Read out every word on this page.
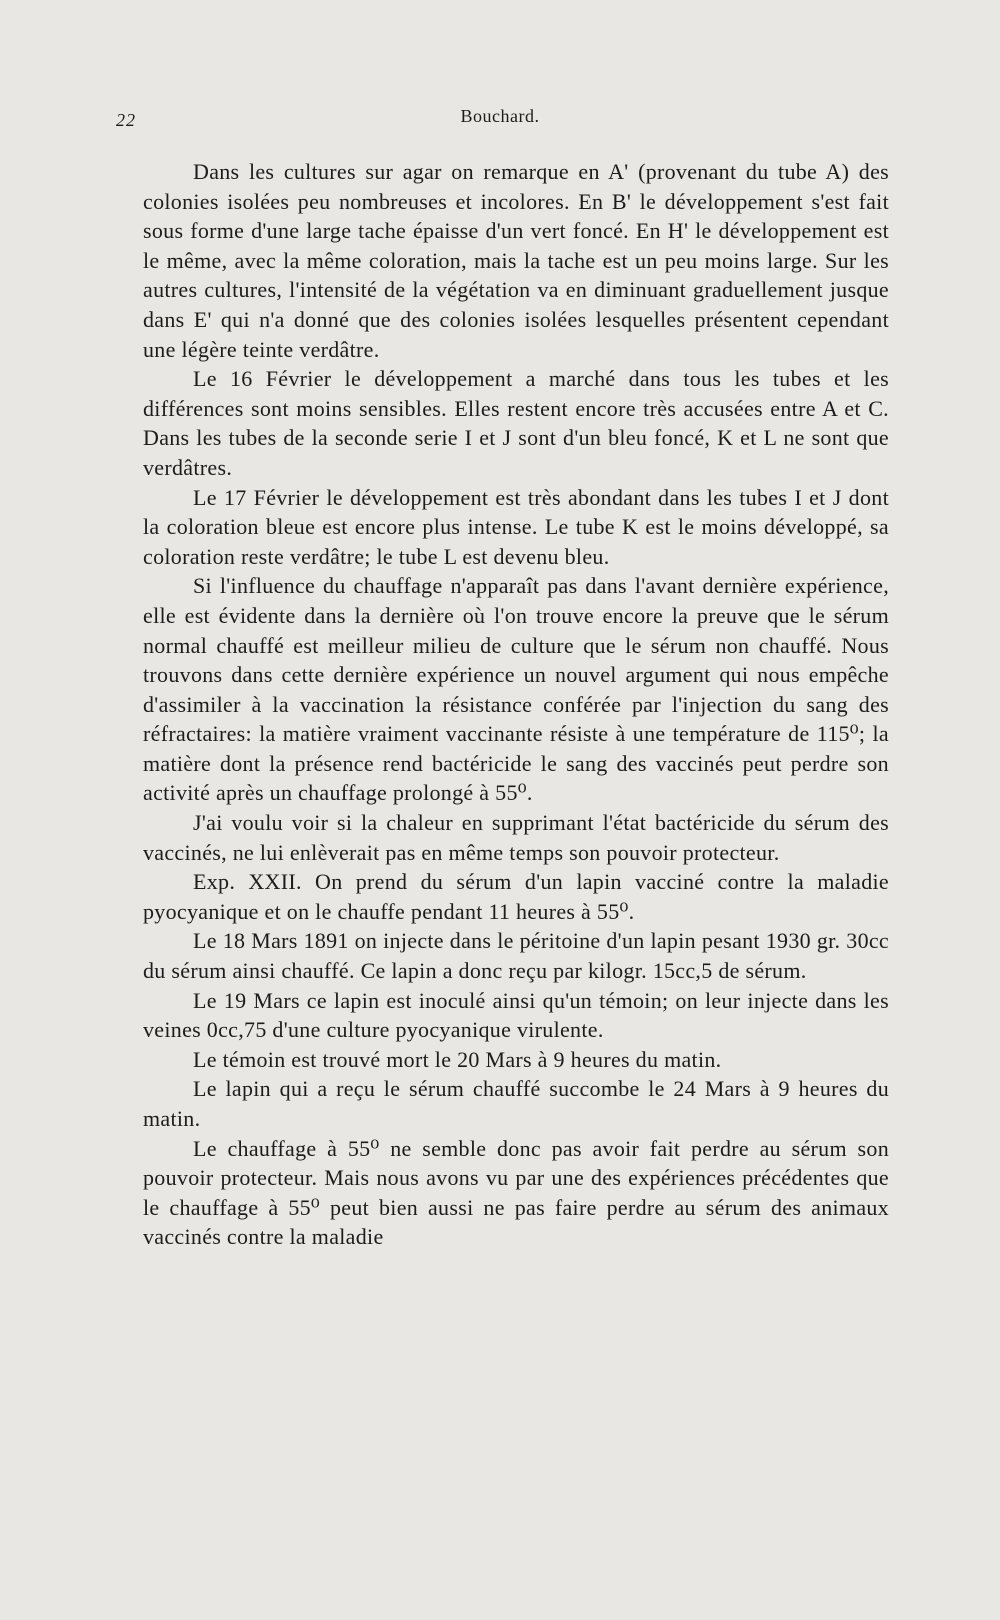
22	Bouchard.

Dans les cultures sur agar on remarque en A' (provenant du tube A) des colonies isolées peu nombreuses et incolores. En B' le développement s'est fait sous forme d'une large tache épaisse d'un vert foncé. En H' le développement est le même, avec la même coloration, mais la tache est un peu moins large. Sur les autres cultures, l'intensité de la végétation va en diminuant graduellement jusque dans E' qui n'a donné que des colonies isolées lesquelles présentent cependant une légère teinte verdâtre.

Le 16 Février le développement a marché dans tous les tubes et les différences sont moins sensibles. Elles restent encore très accusées entre A et C. Dans les tubes de la seconde serie I et J sont d'un bleu foncé, K et L ne sont que verdâtres.

Le 17 Février le développement est très abondant dans les tubes I et J dont la coloration bleue est encore plus intense. Le tube K est le moins développé, sa coloration reste verdâtre; le tube L est devenu bleu.

Si l'influence du chauffage n'apparaît pas dans l'avant dernière expérience, elle est évidente dans la dernière où l'on trouve encore la preuve que le sérum normal chauffé est meilleur milieu de culture que le sérum non chauffé. Nous trouvons dans cette dernière expérience un nouvel argument qui nous empêche d'assimiler à la vaccination la résistance conférée par l'injection du sang des réfractaires: la matière vraiment vaccinante résiste à une température de 115⁰; la matière dont la présence rend bactéricide le sang des vaccinés peut perdre son activité après un chauffage prolongé à 55⁰.

J'ai voulu voir si la chaleur en supprimant l'état bactéricide du sérum des vaccinés, ne lui enlèverait pas en même temps son pouvoir protecteur.

Exp. XXII. On prend du sérum d'un lapin vacciné contre la maladie pyocyanique et on le chauffe pendant 11 heures à 55⁰.

Le 18 Mars 1891 on injecte dans le péritoine d'un lapin pesant 1930 gr. 30cc du sérum ainsi chauffé. Ce lapin a donc reçu par kilogr. 15cc,5 de sérum.

Le 19 Mars ce lapin est inoculé ainsi qu'un témoin; on leur injecte dans les veines 0cc,75 d'une culture pyocyanique virulente.

Le témoin est trouvé mort le 20 Mars à 9 heures du matin.

Le lapin qui a reçu le sérum chauffé succombe le 24 Mars à 9 heures du matin.

Le chauffage à 55⁰ ne semble donc pas avoir fait perdre au sérum son pouvoir protecteur. Mais nous avons vu par une des expériences précédentes que le chauffage à 55⁰ peut bien aussi ne pas faire perdre au sérum des animaux vaccinés contre la maladie
